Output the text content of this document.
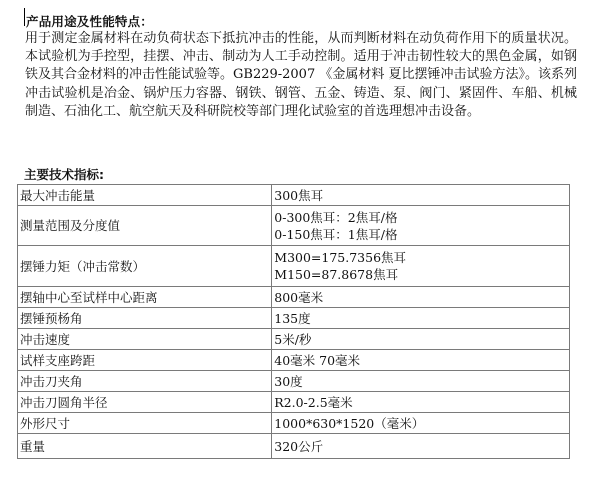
产品用途及性能特点：
用于测定金属材料在动负荷状态下抵抗冲击的性能，从而判断材料在动负荷作用下的质量状况。本试验机为手控型，挂摆、冲击、制动为人工手动控制。适用于冲击韧性较大的黑色金属，如钢铁及其合金材料的冲击性能试验等。GB229-2007 《金属材料 夏比摆锤冲击试验方法》。该系列冲击试验机是冶金、锅炉压力容器、钢铁、钢管、五金、铸造、泵、阀门、紧固件、车船、机械制造、石油化工、航空航天及科研院校等部门理化试验室的首选理想冲击设备。
主要技术指标:
最大冲击能量	300焦耳

测量范围及分度值	0-300焦耳：2焦耳/格
0-150焦耳：1焦耳/格

摆锤力矩（冲击常数）	M300=175.7356焦耳
M150=87.8678焦耳

摆轴中心至试样中心距离	800毫米

摆锤预杨角	135度

冲击速度	5米/秒

试样支座跨距	40毫米 70毫米

冲击刀夹角	30度

冲击刀圆角半径	R2.0-2.5毫米

外形尺寸	1000*630*1520（毫米）

重量	320公斤
